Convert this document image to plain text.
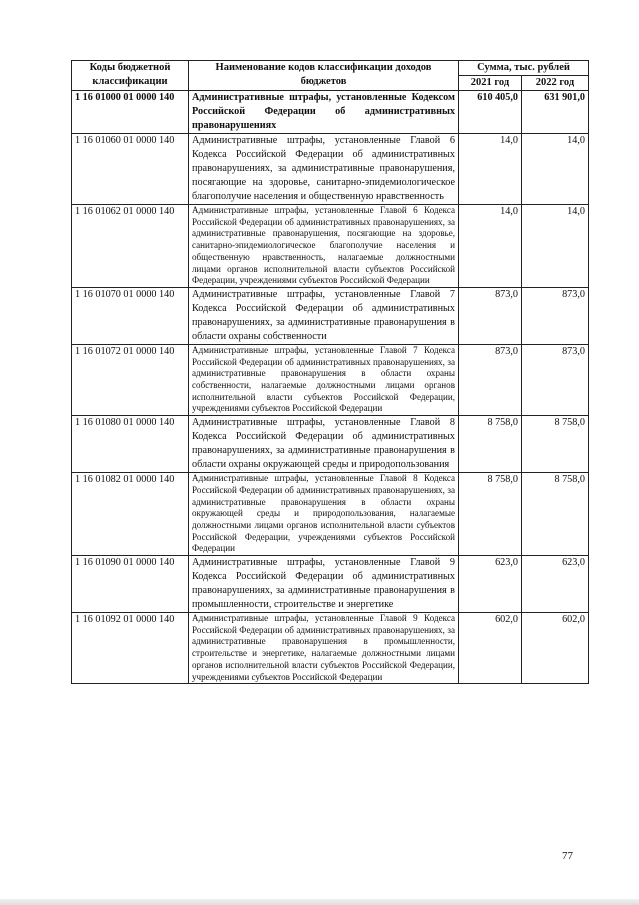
Коды бюджетной классификации	Наименование кодов классификации доходов бюджетов	Сумма, тыс. рублей	
		2021 год	2022 год
1 16 01000 01 0000 140	Административные штрафы, установленные Кодексом Российской Федерации об административных правонарушениях	610 405,0	631 901,0
1 16 01060 01 0000 140	Административные штрафы, установленные Главой 6 Кодекса Российской Федерации об административных правонарушениях, за административные правонарушения, посягающие на здоровье, санитарно-эпидемиологическое благополучие населения и общественную нравственность	14,0	14,0
1 16 01062 01 0000 140	Административные штрафы, установленные Главой 6 Кодекса Российской Федерации об административных правонарушениях, за административные правонарушения, посягающие на здоровье, санитарно-эпидемиологическое благополучие населения и общественную нравственность, налагаемые должностными лицами органов исполнительной власти субъектов Российской Федерации, учреждениями субъектов Российской Федерации	14,0	14,0
1 16 01070 01 0000 140	Административные штрафы, установленные Главой 7 Кодекса Российской Федерации об административных правонарушениях, за административные правонарушения в области охраны собственности	873,0	873,0
1 16 01072 01 0000 140	Административные штрафы, установленные Главой 7 Кодекса Российской Федерации об административных правонарушениях, за административные правонарушения в области охраны собственности, налагаемые должностными лицами органов исполнительной власти субъектов Российской Федерации, учреждениями субъектов Российской Федерации	873,0	873,0
1 16 01080 01 0000 140	Административные штрафы, установленные Главой 8 Кодекса Российской Федерации об административных правонарушениях, за административные правонарушения в области охраны окружающей среды и природопользования	8 758,0	8 758,0
1 16 01082 01 0000 140	Административные штрафы, установленные Главой 8 Кодекса Российской Федерации об административных правонарушениях, за административные правонарушения в области охраны окружающей среды и природопользования, налагаемые должностными лицами органов исполнительной власти субъектов Российской Федерации, учреждениями субъектов Российской Федерации	8 758,0	8 758,0
1 16 01090 01 0000 140	Административные штрафы, установленные Главой 9 Кодекса Российской Федерации об административных правонарушениях, за административные правонарушения в промышленности, строительстве и энергетике	623,0	623,0
1 16 01092 01 0000 140	Административные штрафы, установленные Главой 9 Кодекса Российской Федерации об административных правонарушениях, за административные правонарушения в промышленности, строительстве и энергетике, налагаемые должностными лицами органов исполнительной власти субъектов Российской Федерации, учреждениями субъектов Российской Федерации	602,0	602,0
77
